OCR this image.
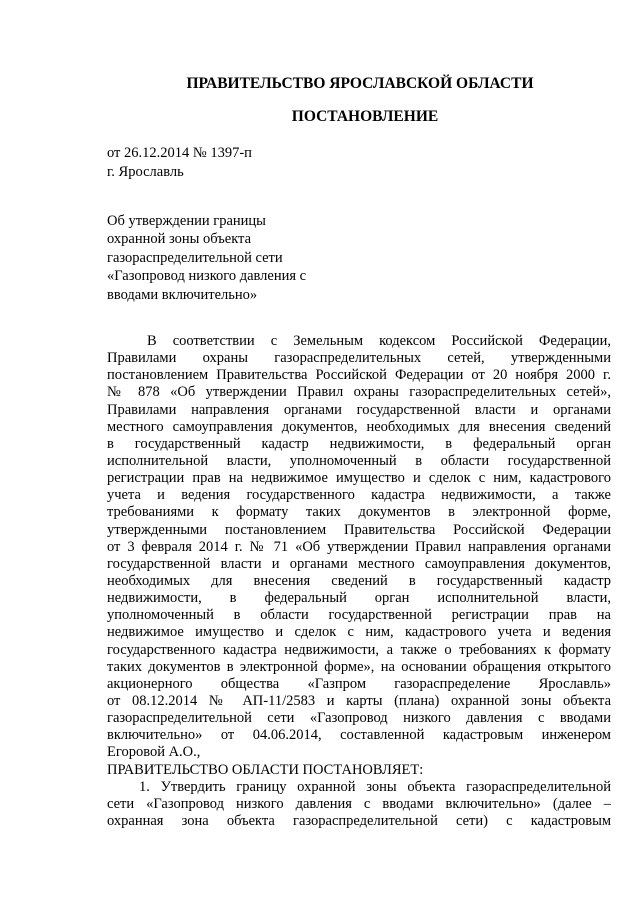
ПРАВИТЕЛЬСТВО ЯРОСЛАВСКОЙ ОБЛАСТИ
ПОСТАНОВЛЕНИЕ
от 26.12.2014 № 1397-п
г. Ярославль
Об утверждении границы
охранной зоны объекта
газораспределительной сети
«Газопровод низкого давления с
вводами включительно»
В соответствии с Земельным кодексом Российской Федерации,
Правилами охраны газораспределительных сетей, утвержденными
постановлением Правительства Российской Федерации от 20 ноября 2000 г.
№ 878 «Об утверждении Правил охраны газораспределительных сетей»,
Правилами направления органами государственной власти и органами
местного самоуправления документов, необходимых для внесения сведений
в государственный кадастр недвижимости, в федеральный орган
исполнительной власти, уполномоченный в области государственной
регистрации прав на недвижимое имущество и сделок с ним, кадастрового
учета и ведения государственного кадастра недвижимости, а также
требованиями к формату таких документов в электронной форме,
утвержденными постановлением Правительства Российской Федерации
от 3 февраля 2014 г. № 71 «Об утверждении Правил направления органами
государственной власти и органами местного самоуправления документов,
необходимых для внесения сведений в государственный кадастр
недвижимости, в федеральный орган исполнительной власти,
уполномоченный в области государственной регистрации прав на
недвижимое имущество и сделок с ним, кадастрового учета и ведения
государственного кадастра недвижимости, а также о требованиях к формату
таких документов в электронной форме», на основании обращения открытого
акционерного общества «Газпром газораспределение Ярославль»
от 08.12.2014 № АП-11/2583 и карты (плана) охранной зоны объекта
газораспределительной сети «Газопровод низкого давления с вводами
включительно» от 04.06.2014, составленной кадастровым инженером
Егоровой А.О.,
ПРАВИТЕЛЬСТВО ОБЛАСТИ ПОСТАНОВЛЯЕТ:
1. Утвердить границу охранной зоны объекта газораспределительной
сети «Газопровод низкого давления с вводами включительно» (далее –
охранная зона объекта газораспределительной сети) с кадастровым
